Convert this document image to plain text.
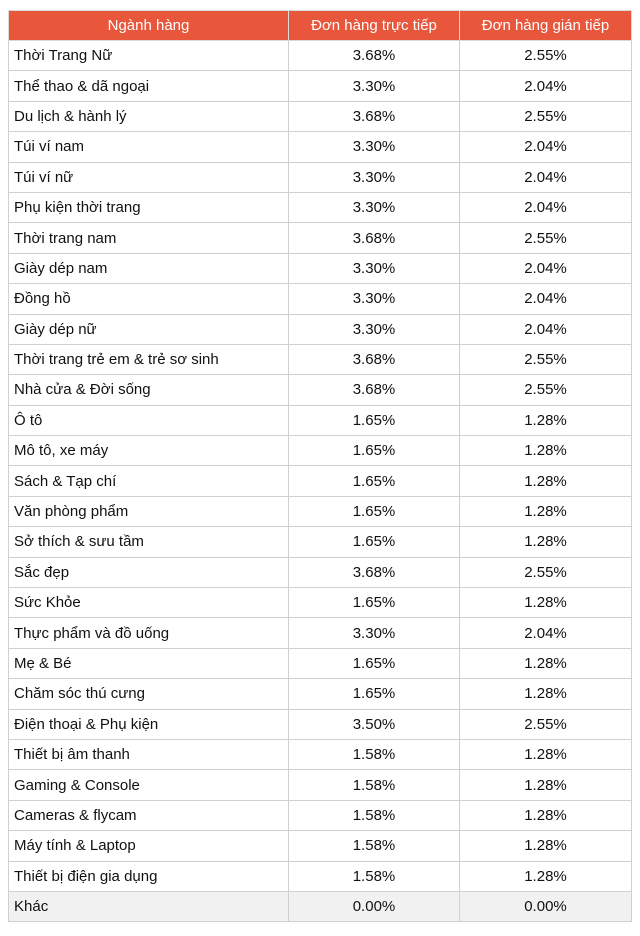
Ngành hàng	Đơn hàng trực tiếp	Đơn hàng gián tiếp
Thời Trang Nữ	3.68%	2.55%
Thể thao & dã ngoại	3.30%	2.04%
Du lịch & hành lý	3.68%	2.55%
Túi ví nam	3.30%	2.04%
Túi ví nữ	3.30%	2.04%
Phụ kiện thời trang	3.30%	2.04%
Thời trang nam	3.68%	2.55%
Giày dép nam	3.30%	2.04%
Đồng hồ	3.30%	2.04%
Giày dép nữ	3.30%	2.04%
Thời trang trẻ em & trẻ sơ sinh	3.68%	2.55%
Nhà cửa & Đời sống	3.68%	2.55%
Ô tô	1.65%	1.28%
Mô tô, xe máy	1.65%	1.28%
Sách & Tạp chí	1.65%	1.28%
Văn phòng phẩm	1.65%	1.28%
Sở thích & sưu tầm	1.65%	1.28%
Sắc đẹp	3.68%	2.55%
Sức Khỏe	1.65%	1.28%
Thực phẩm và đồ uống	3.30%	2.04%
Mẹ & Bé	1.65%	1.28%
Chăm sóc thú cưng	1.65%	1.28%
Điện thoại & Phụ kiện	3.50%	2.55%
Thiết bị âm thanh	1.58%	1.28%
Gaming & Console	1.58%	1.28%
Cameras & flycam	1.58%	1.28%
Máy tính & Laptop	1.58%	1.28%
Thiết bị điện gia dụng	1.58%	1.28%
Khác	0.00%	0.00%
